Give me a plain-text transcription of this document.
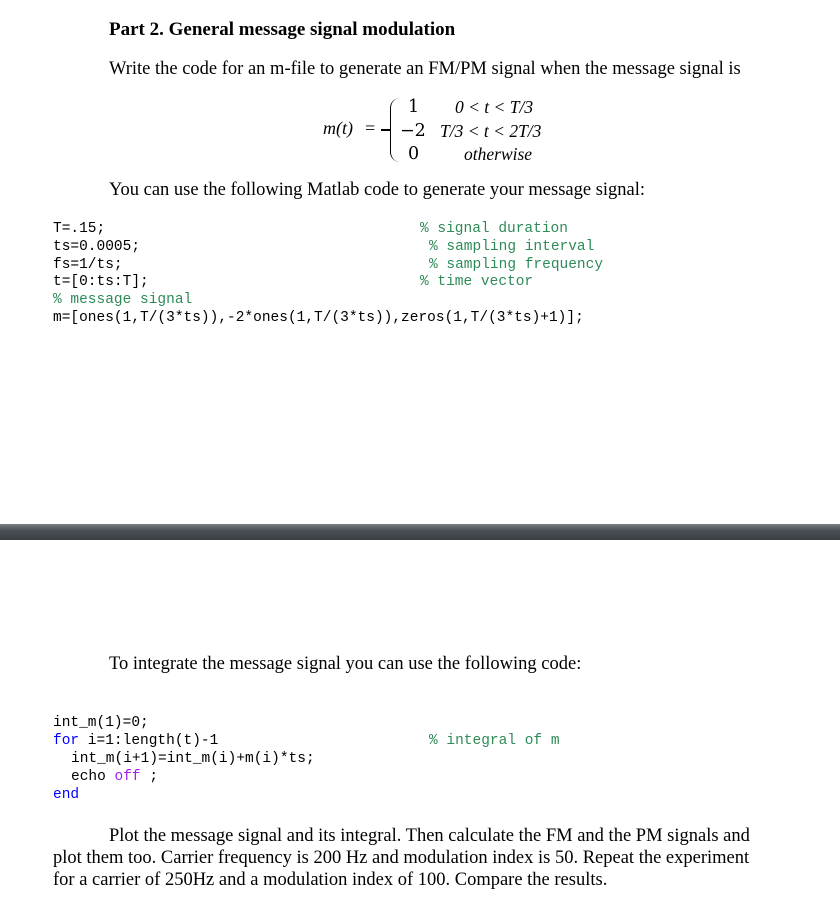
Part 2. General message signal modulation
Write the code for an m-file to generate an FM/PM signal when the message signal is
m(t) =
1 0 < t < T/3
−2 T/3 < t < 2T/3
0	otherwise
You can use the following Matlab code to generate your message signal:
T=.15;
ts=0.0005;
fs=1/ts;
t=[0:ts:T];
% signal duration
% sampling interval
% sampling frequency
% time vector
% message signal
m=[ones(1,T/(3*ts)),-2*ones(1,T/(3*ts)),zeros(1,T/(3*ts)+1)];
To integrate the message signal you can use the following code:
int_m(1)=0;
for i=1:length(t)-1	% integral of m
int_m(i+1)=int_m(i)+m(i)*ts;
echo off ;
end
Plot the message signal and its integral. Then calculate the FM and the PM signals and plot them too. Carrier frequency is 200 Hz and modulation index is 50. Repeat the experiment for a carrier of 250Hz and a modulation index of 100. Compare the results.
